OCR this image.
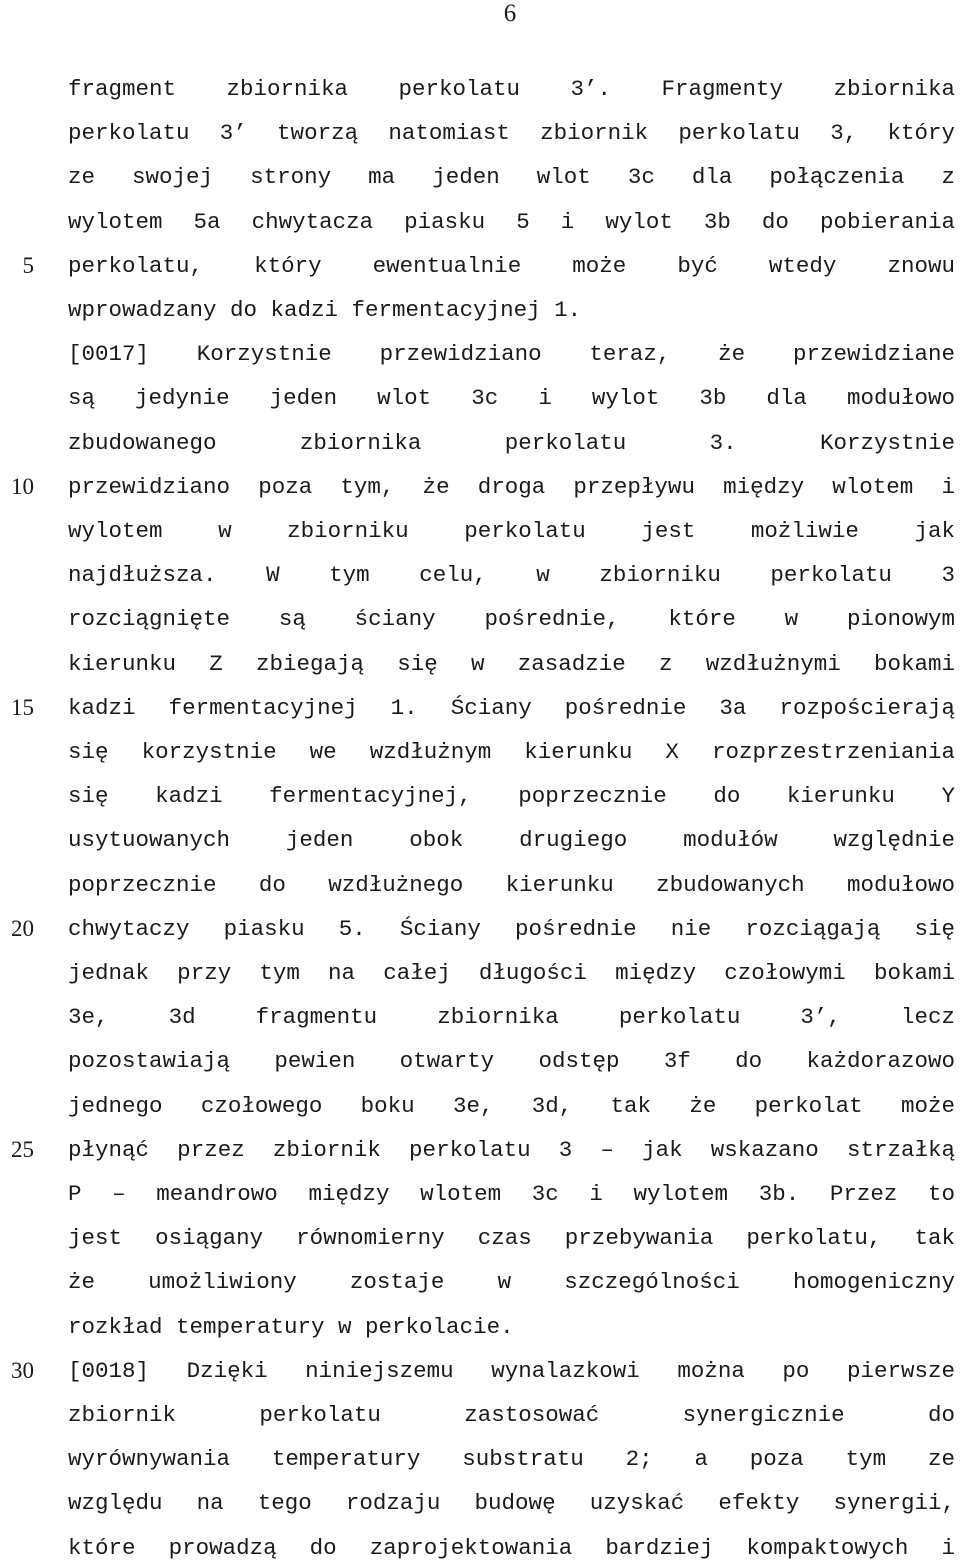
6
5
10
15
20
25
30
fragment zbiornika perkolatu 3’. Fragmenty zbiornika
perkolatu 3’ tworzą natomiast zbiornik perkolatu 3, który
ze swojej strony ma jeden wlot 3c dla połączenia z
wylotem 5a chwytacza piasku 5 i wylot 3b do pobierania
perkolatu, który ewentualnie może być wtedy znowu
wprowadzany do kadzi fermentacyjnej 1.
[0017] Korzystnie przewidziano teraz, że przewidziane
są jedynie jeden wlot 3c i wylot 3b dla modułowo
zbudowanego zbiornika perkolatu 3. Korzystnie
przewidziano poza tym, że droga przepływu między wlotem i
wylotem w zbiorniku perkolatu jest możliwie jak
najdłuższa. W tym celu, w zbiorniku perkolatu 3
rozciągnięte są ściany pośrednie, które w pionowym
kierunku Z zbiegają się w zasadzie z wzdłużnymi bokami
kadzi fermentacyjnej 1. Ściany pośrednie 3a rozpościerają
się korzystnie we wzdłużnym kierunku X rozprzestrzeniania
się kadzi fermentacyjnej, poprzecznie do kierunku Y
usytuowanych jeden obok drugiego modułów względnie
poprzecznie do wzdłużnego kierunku zbudowanych modułowo
chwytaczy piasku 5. Ściany pośrednie nie rozciągają się
jednak przy tym na całej długości między czołowymi bokami
3e, 3d fragmentu zbiornika perkolatu 3’, lecz
pozostawiają pewien otwarty odstęp 3f do każdorazowo
jednego czołowego boku 3e, 3d, tak że perkolat może
płynąć przez zbiornik perkolatu 3 – jak wskazano strzałką
P – meandrowo między wlotem 3c i wylotem 3b. Przez to
jest osiągany równomierny czas przebywania perkolatu, tak
że umożliwiony zostaje w szczególności homogeniczny
rozkład temperatury w perkolacie.
[0018] Dzięki niniejszemu wynalazkowi można po pierwsze
zbiornik perkolatu zastosować synergicznie do
wyrównywania temperatury substratu 2; a poza tym ze
względu na tego rodzaju budowę uzyskać efekty synergii,
które prowadzą do zaprojektowania bardziej kompaktowych i
